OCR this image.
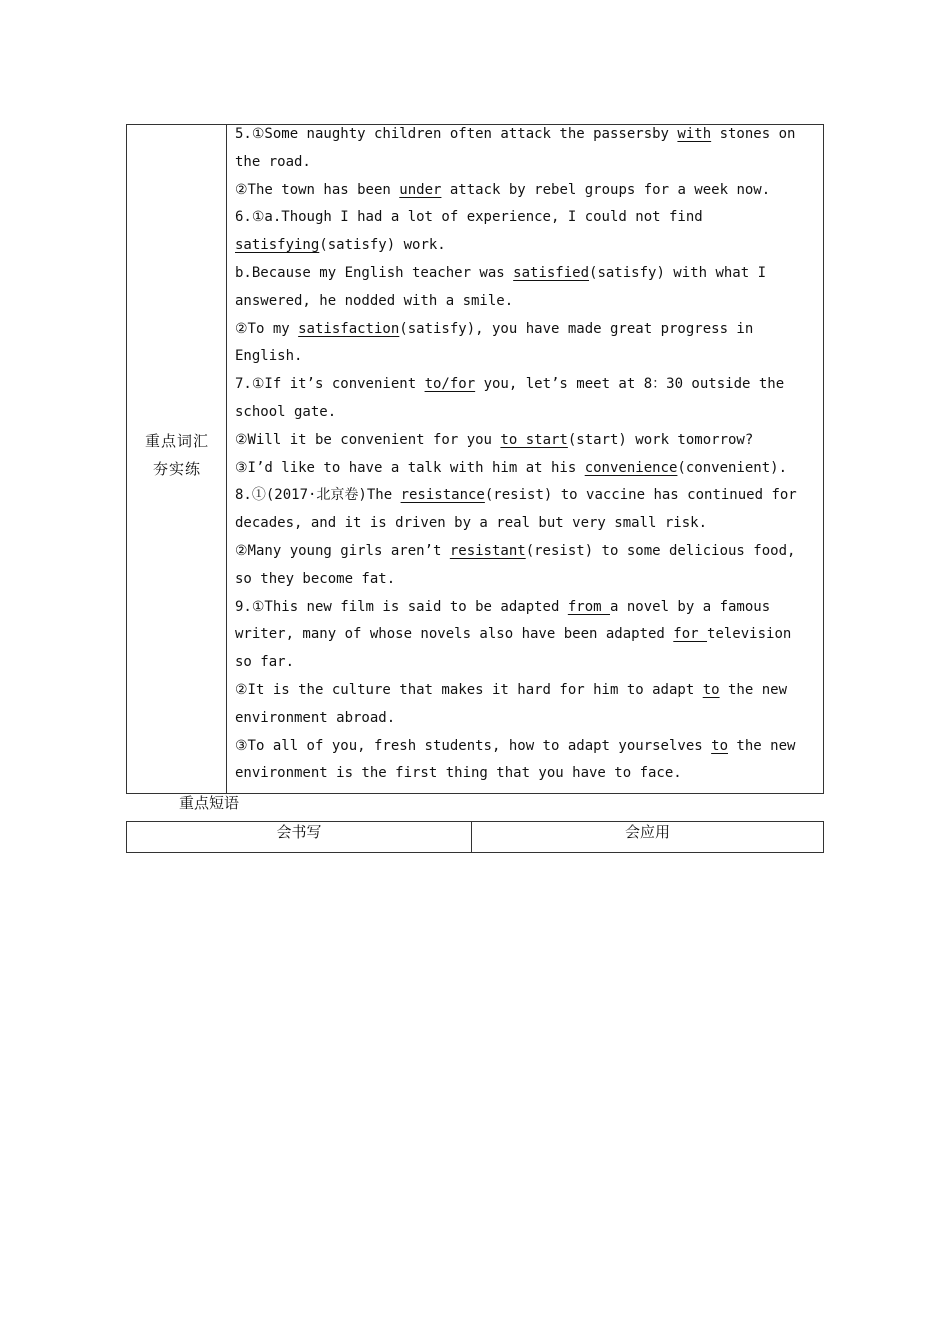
重点词汇
夯实练
5.①Some naughty children often attack the passersby with stones on
the road.
②The town has been under attack by rebel groups for a week now.
6.①a.Though I had a lot of experience, I could not find
satisfying(satisfy) work.
b.Because my English teacher was satisfied(satisfy) with what I
answered, he nodded with a smile.
②To my satisfaction(satisfy), you have made great progress in
English.
7.①If it’s convenient to/for you, let’s meet at 8：30 outside the
school gate.
②Will it be convenient for you to start(start) work tomorrow?
③I’d like to have a talk with him at his convenience(convenient).
8.①(2017·北京卷)The resistance(resist) to vaccine has continued for
decades, and it is driven by a real but very small risk.
②Many young girls aren’t resistant(resist) to some delicious food,
so they become fat.
9.①This new film is said to be adapted from a novel by a famous
writer, many of whose novels also have been adapted for television
so far.
②It is the culture that makes it hard for him to adapt to the new
environment abroad.
③To all of you, fresh students, how to adapt yourselves to the new
environment is the first thing that you have to face.
重点短语
会书写	会应用
